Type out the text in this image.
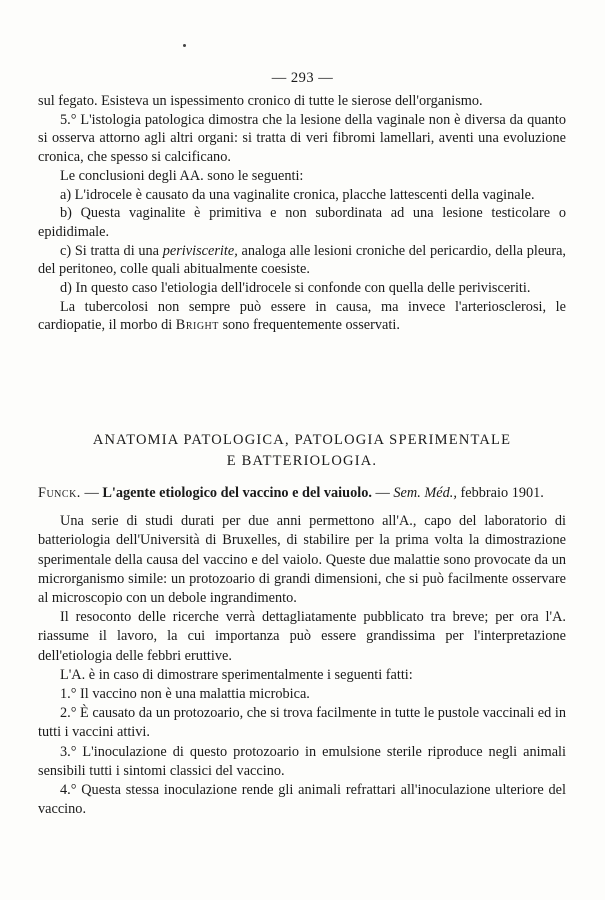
— 293 —

sul fegato. Esisteva un ispessimento cronico di tutte le sierose dell'organismo.

5.° L'istologia patologica dimostra che la lesione della vaginale non è diversa da quanto si osserva attorno agli altri organi: si tratta di veri fibromi lamellari, aventi una evoluzione cronica, che spesso si calcificano.

Le conclusioni degli AA. sono le seguenti:

a) L'idrocele è causato da una vaginalite cronica, placche lattescenti della vaginale.

b) Questa vaginalite è primitiva e non subordinata ad una lesione testicolare o epididimale.

c) Si tratta di una periviscerite, analoga alle lesioni croniche del pericardio, della pleura, del peritoneo, colle quali abitualmente coesiste.

d) In questo caso l'etiologia dell'idrocele si confonde con quella delle perivisceriti.

La tubercolosi non sempre può essere in causa, ma invece l'arteriosclerosi, le cardiopatie, il morbo di Bright sono frequentemente osservati.

ANATOMIA PATOLOGICA, PATOLOGIA SPERIMENTALE
E BATTERIOLOGIA.

Funck. — L'agente etiologico del vaccino e del vaiuolo. — Sem. Méd., febbraio 1901.

Una serie di studi durati per due anni permettono all'A., capo del laboratorio di batteriologia dell'Università di Bruxelles, di stabilire per la prima volta la dimostrazione sperimentale della causa del vaccino e del vaiolo. Queste due malattie sono provocate da un microrganismo simile: un protozoario di grandi dimensioni, che si può facilmente osservare al microscopio con un debole ingrandimento.

Il resoconto delle ricerche verrà dettagliatamente pubblicato tra breve; per ora l'A. riassume il lavoro, la cui importanza può essere grandissima per l'interpretazione dell'etiologia delle febbri eruttive.

L'A. è in caso di dimostrare sperimentalmente i seguenti fatti:

1.° Il vaccino non è una malattia microbica.

2.° È causato da un protozoario, che si trova facilmente in tutte le pustole vaccinali ed in tutti i vaccini attivi.

3.° L'inoculazione di questo protozoario in emulsione sterile riproduce negli animali sensibili tutti i sintomi classici del vaccino.

4.° Questa stessa inoculazione rende gli animali refrattari all'inoculazione ulteriore del vaccino.
